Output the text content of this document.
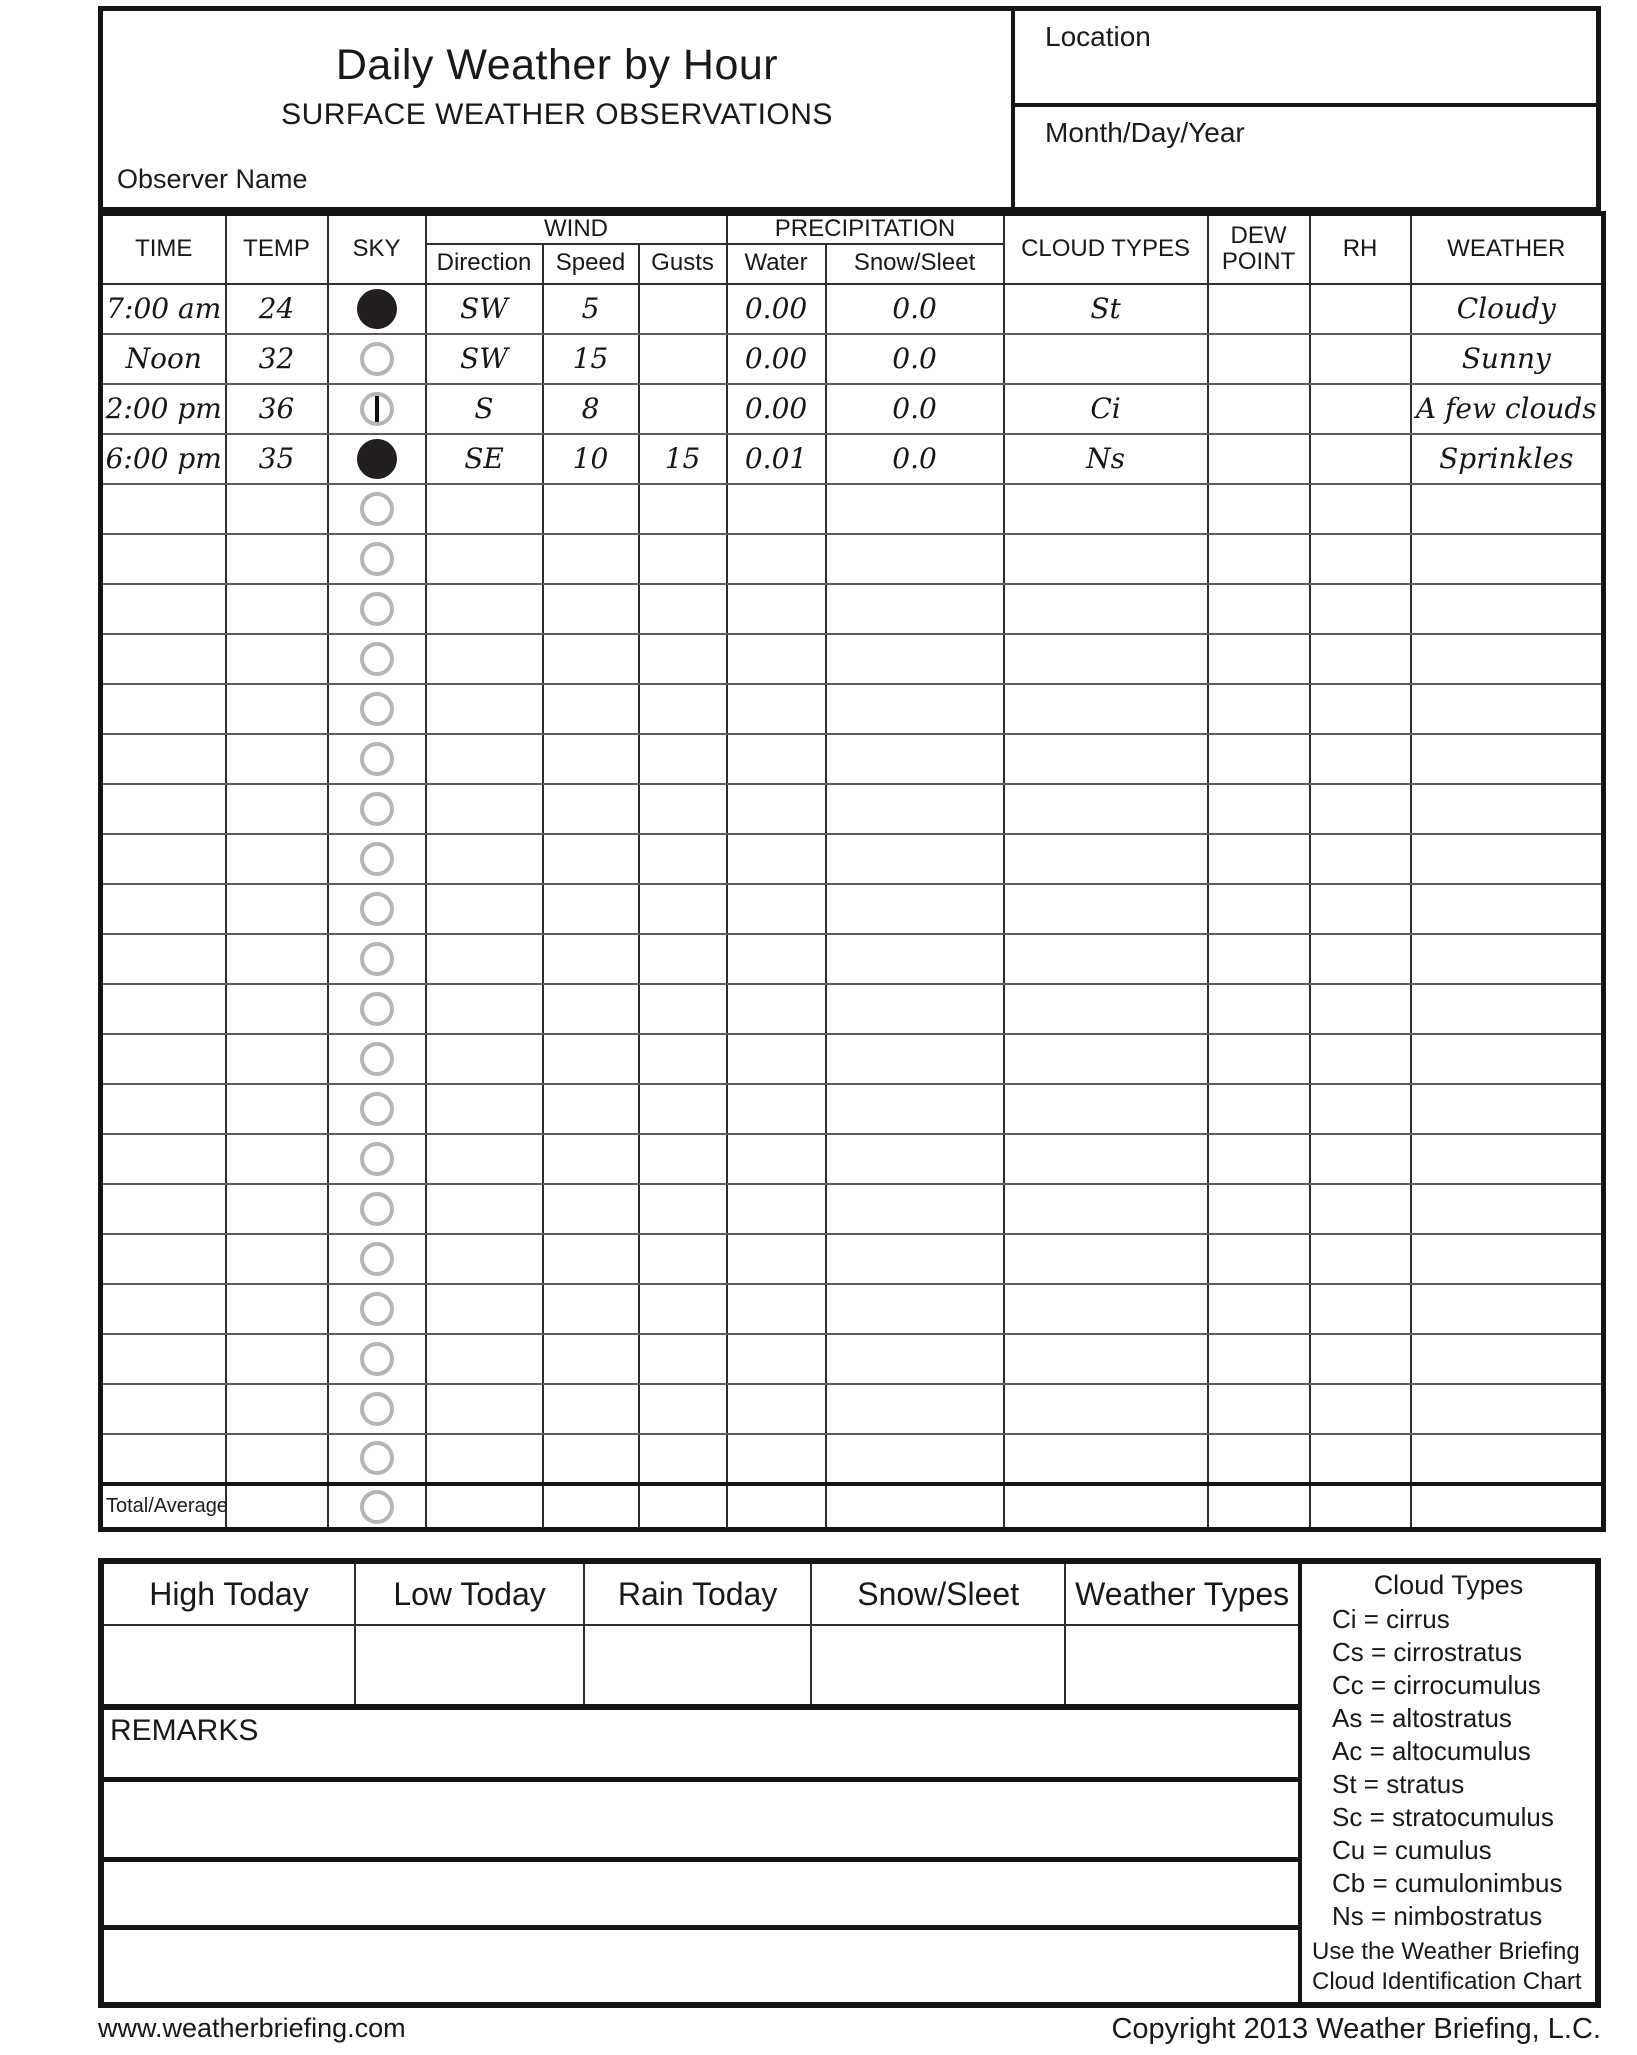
Daily Weather by Hour
SURFACE WEATHER OBSERVATIONS
Observer Name
Location
Month/Day/Year
TIME	TEMP	SKY	WIND			PRECIPITATION		CLOUD TYPES	DEW POINT	RH	WEATHER
			Direction	Speed	Gusts	Water	Snow/Sleet				
7:00 am	24		SW	5		0.00	0.0	St			Cloudy
Noon	32		SW	15		0.00	0.0				Sunny
2:00 pm	36		S	8		0.00	0.0	Ci			A few clouds
6:00 pm	35		SE	10	15	0.01	0.0	Ns			Sprinkles

Total/Average		

High Today	Low Today	Rain Today	Snow/Sleet	Weather Types
REMARKS
Cloud Types
Ci = cirrus
Cs = cirrostratus
Cc = cirrocumulus
As = altostratus
Ac = altocumulus
St = stratus
Sc = stratocumulus
Cu = cumulus
Cb = cumulonimbus
Ns = nimbostratus
Use the Weather Briefing
Cloud Identification Chart
www.weatherbriefing.com	Copyright 2013 Weather Briefing, L.C.
